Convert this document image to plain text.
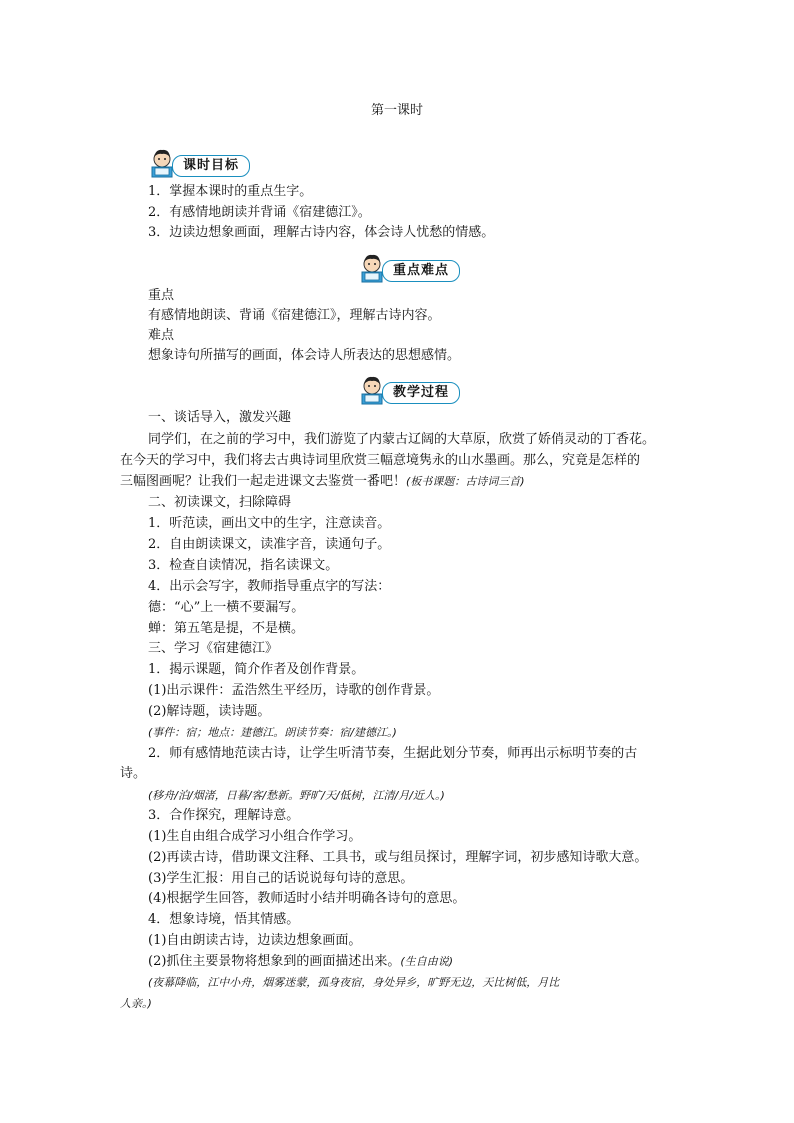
第一课时
课时目标
1．掌握本课时的重点生字。
2．有感情地朗读并背诵《宿建德江》。
3．边读边想象画面，理解古诗内容，体会诗人忧愁的情感。
重点难点
重点
有感情地朗读、背诵《宿建德江》，理解古诗内容。
难点
想象诗句所描写的画面，体会诗人所表达的思想感情。
教学过程
一、谈话导入，激发兴趣
同学们，在之前的学习中，我们游览了内蒙古辽阔的大草原，欣赏了娇俏灵动的丁香花。
在今天的学习中，我们将去古典诗词里欣赏三幅意境隽永的山水墨画。那么，究竟是怎样的
三幅图画呢？让我们一起走进课文去鉴赏一番吧！(板书课题：古诗词三首)
二、初读课文，扫除障碍
1．听范读，画出文中的生字，注意读音。
2．自由朗读课文，读准字音，读通句子。
3．检查自读情况，指名读课文。
4．出示会写字，教师指导重点字的写法：
德：“心”上一横不要漏写。
蝉：第五笔是提，不是横。
三、学习《宿建德江》
1．揭示课题，简介作者及创作背景。
(1)出示课件：孟浩然生平经历，诗歌的创作背景。
(2)解诗题，读诗题。
(事件：宿；地点：建德江。朗读节奏：宿/建德江。)
2．师有感情地范读古诗，让学生听清节奏，生据此划分节奏，师再出示标明节奏的古
诗。
(移舟/泊/烟渚，日暮/客/愁新。野旷/天/低树，江清/月/近人。)
3．合作探究，理解诗意。
(1)生自由组合成学习小组合作学习。
(2)再读古诗，借助课文注释、工具书，或与组员探讨，理解字词，初步感知诗歌大意。
(3)学生汇报：用自己的话说说每句诗的意思。
(4)根据学生回答，教师适时小结并明确各诗句的意思。
4．想象诗境，悟其情感。
(1)自由朗读古诗，边读边想象画面。
(2)抓住主要景物将想象到的画面描述出来。(生自由说)
(夜幕降临，江中小舟，烟雾迷蒙，孤身夜宿，身处异乡，旷野无边，天比树低，月比
人亲。)
